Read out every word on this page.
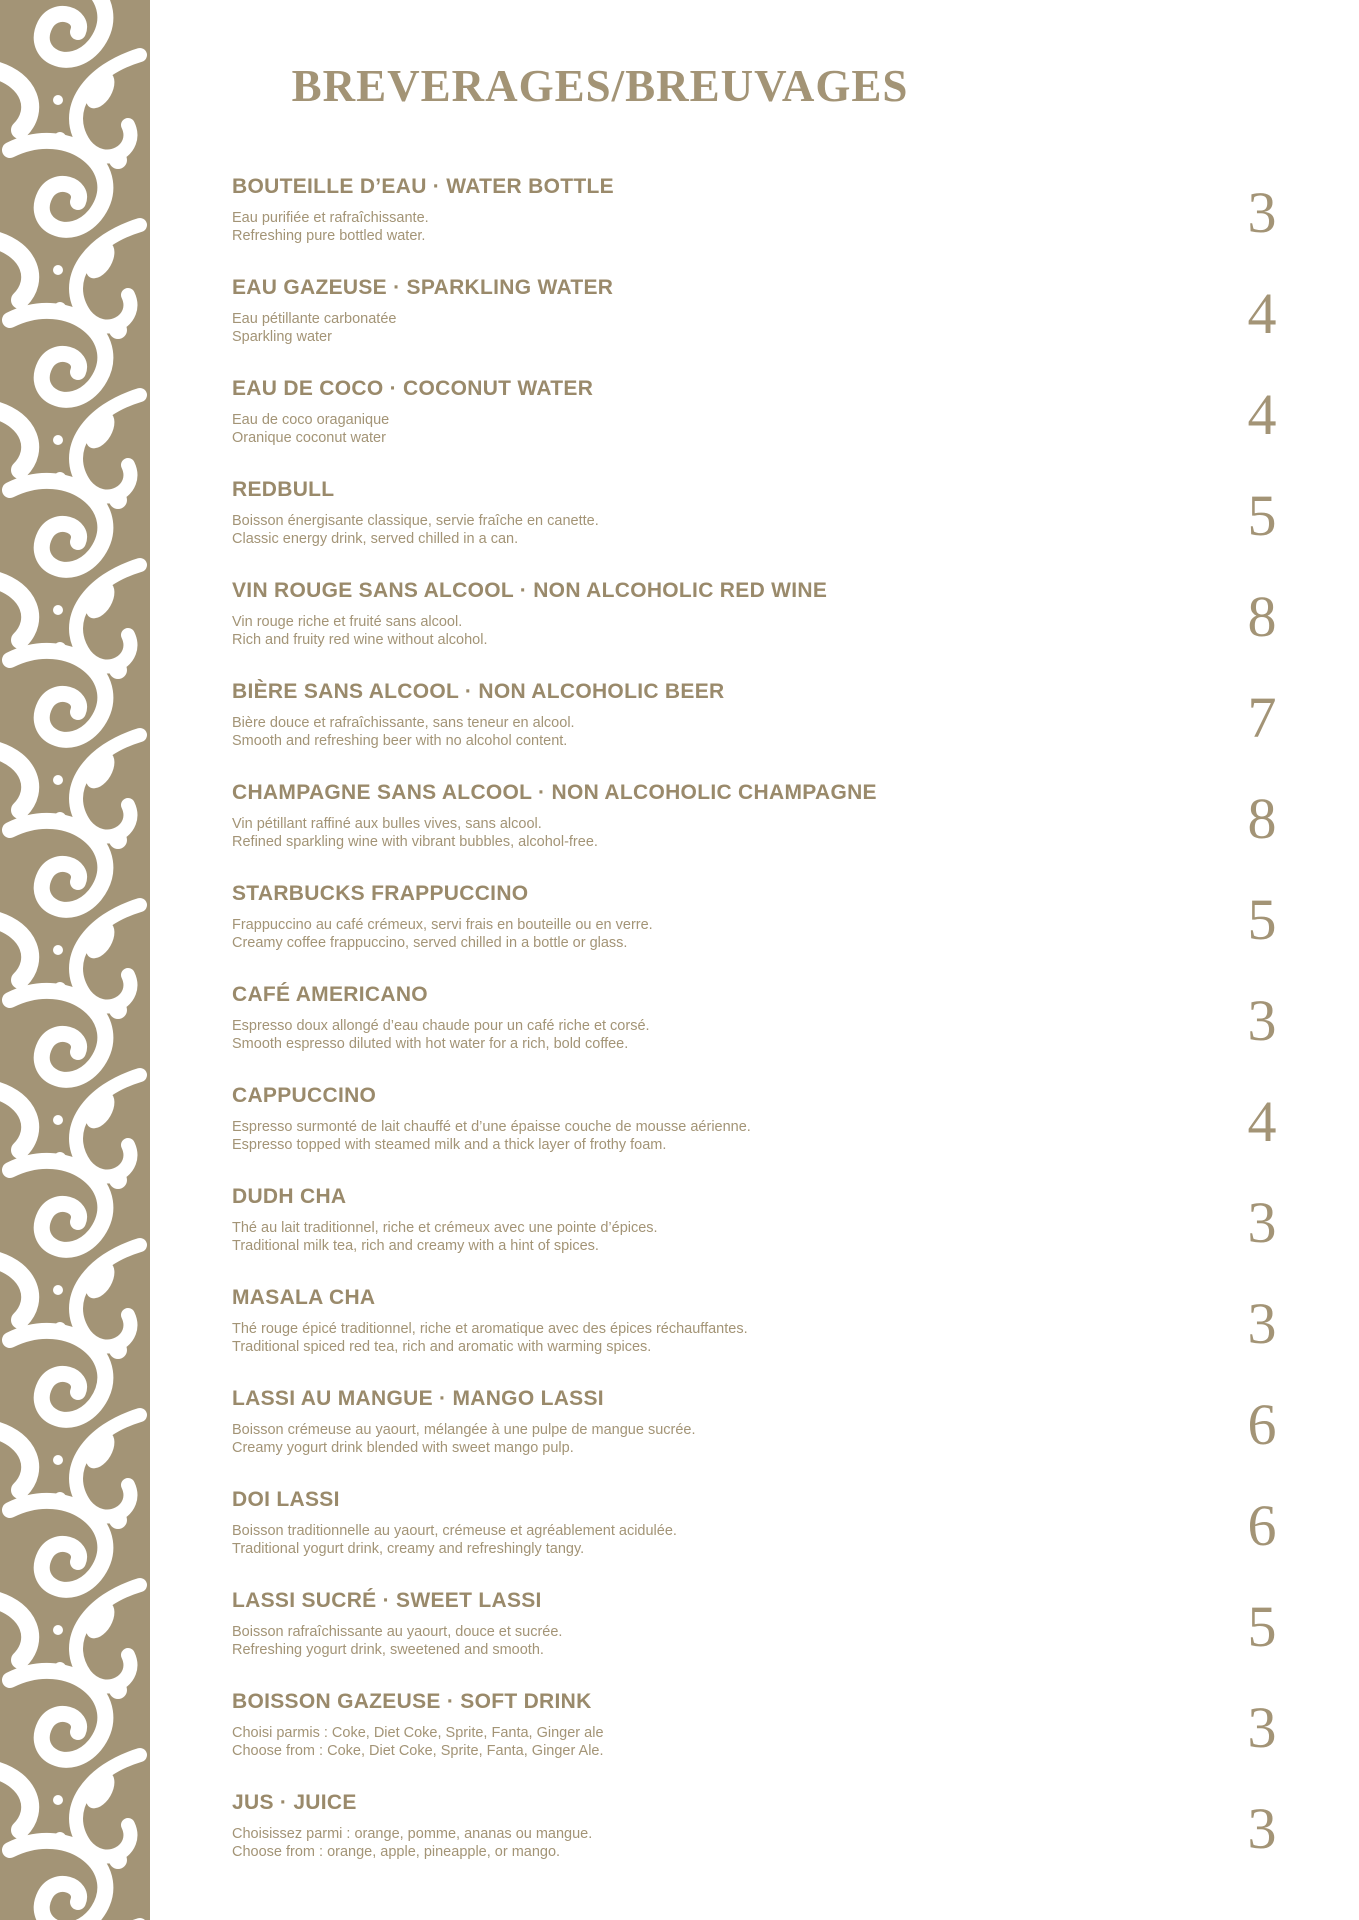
BREVERAGES/BREUVAGES
BOUTEILLE D’EAU · WATER BOTTLE
Eau purifiée et rafraîchissante.
Refreshing pure bottled water.	3
EAU GAZEUSE · SPARKLING WATER
Eau pétillante carbonatée
Sparkling water	4
EAU DE COCO · COCONUT WATER
Eau de coco oraganique
Oranique coconut water	4
REDBULL
Boisson énergisante classique, servie fraîche en canette.
Classic energy drink, served chilled in a can.	5
VIN ROUGE SANS ALCOOL · NON ALCOHOLIC RED WINE
Vin rouge riche et fruité sans alcool.
Rich and fruity red wine without alcohol.	8
BIÈRE SANS ALCOOL · NON ALCOHOLIC BEER
Bière douce et rafraîchissante, sans teneur en alcool.
Smooth and refreshing beer with no alcohol content.	7
CHAMPAGNE SANS ALCOOL · NON ALCOHOLIC CHAMPAGNE
Vin pétillant raffiné aux bulles vives, sans alcool.
Refined sparkling wine with vibrant bubbles, alcohol-free.	8
STARBUCKS FRAPPUCCINO
Frappuccino au café crémeux, servi frais en bouteille ou en verre.
Creamy coffee frappuccino, served chilled in a bottle or glass.	5
CAFÉ AMERICANO
Espresso doux allongé d’eau chaude pour un café riche et corsé.
Smooth espresso diluted with hot water for a rich, bold coffee.	3
CAPPUCCINO
Espresso surmonté de lait chauffé et d’une épaisse couche de mousse aérienne.
Espresso topped with steamed milk and a thick layer of frothy foam.	4
DUDH CHA
Thé au lait traditionnel, riche et crémeux avec une pointe d’épices.
Traditional milk tea, rich and creamy with a hint of spices.	3
MASALA CHA
Thé rouge épicé traditionnel, riche et aromatique avec des épices réchauffantes.
Traditional spiced red tea, rich and aromatic with warming spices.	3
LASSI AU MANGUE · MANGO LASSI
Boisson crémeuse au yaourt, mélangée à une pulpe de mangue sucrée.
Creamy yogurt drink blended with sweet mango pulp.	6
DOI LASSI
Boisson traditionnelle au yaourt, crémeuse et agréablement acidulée.
Traditional yogurt drink, creamy and refreshingly tangy.	6
LASSI SUCRÉ · SWEET LASSI
Boisson rafraîchissante au yaourt, douce et sucrée.
Refreshing yogurt drink, sweetened and smooth.	5
BOISSON GAZEUSE · SOFT DRINK
Choisi parmis : Coke, Diet Coke, Sprite, Fanta, Ginger ale
Choose from : Coke, Diet Coke, Sprite, Fanta, Ginger Ale.	3
JUS · JUICE
Choisissez parmi : orange, pomme, ananas ou mangue.
Choose from : orange, apple, pineapple, or mango.	3
